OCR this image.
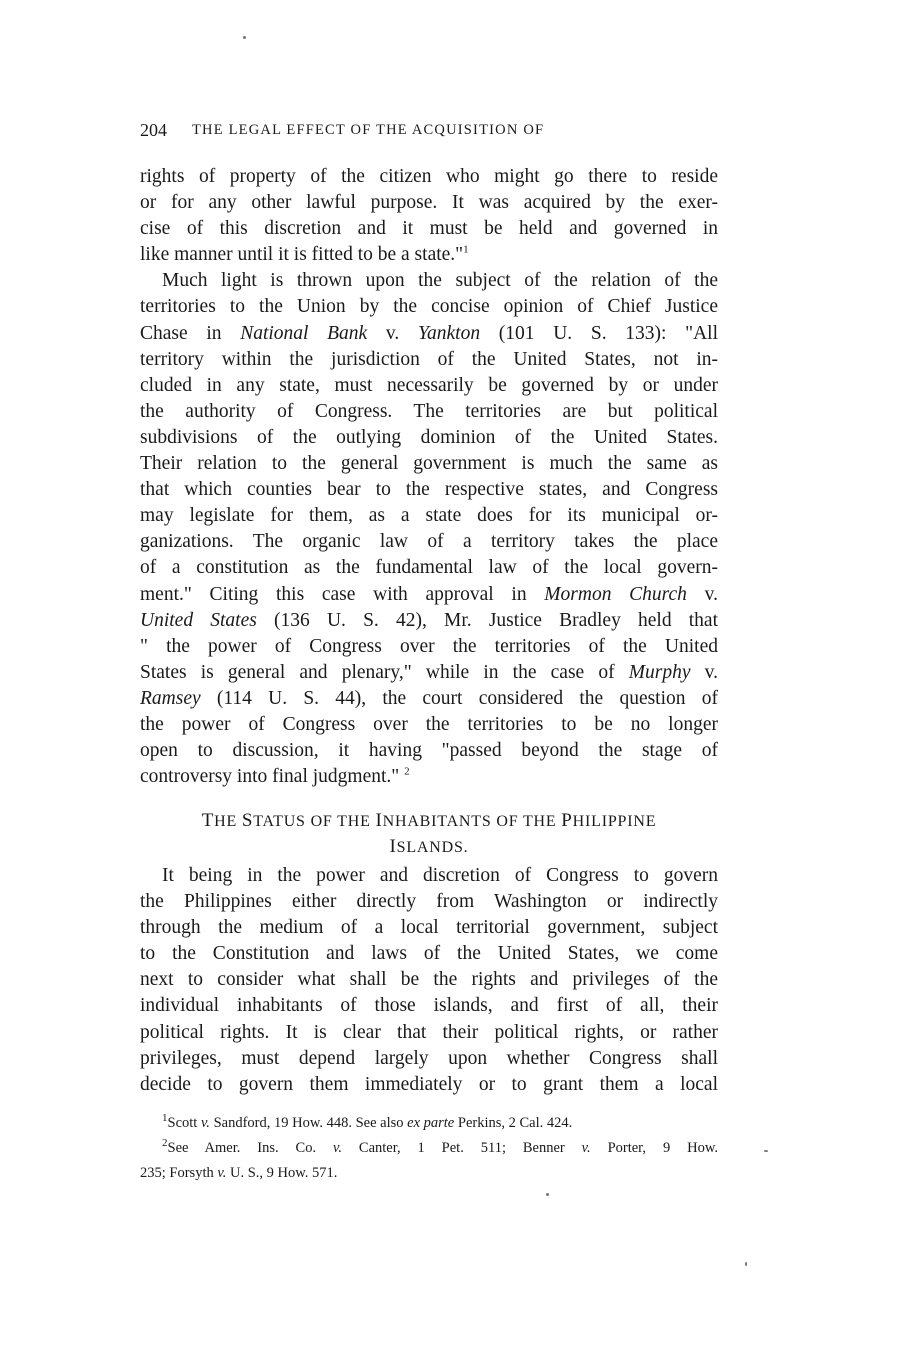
204 THE LEGAL EFFECT OF THE ACQUISITION OF
rights of property of the citizen who might go there to reside
or for any other lawful purpose. It was acquired by the exer-
cise of this discretion and it must be held and governed in
like manner until it is fitted to be a state."$^1$
Much light is thrown upon the subject of the relation of the
territories to the Union by the concise opinion of Chief Justice
Chase in National Bank v. Yankton (101 U. S. 133): "All
territory within the jurisdiction of the United States, not in-
cluded in any state, must necessarily be governed by or under
the authority of Congress. The territories are but political
subdivisions of the outlying dominion of the United States.
Their relation to the general government is much the same as
that which counties bear to the respective states, and Congress
may legislate for them, as a state does for its municipal or-
ganizations. The organic law of a territory takes the place
of a constitution as the fundamental law of the local govern-
ment." Citing this case with approval in Mormon Church v.
United States (136 U. S. 42), Mr. Justice Bradley held that
" the power of Congress over the territories of the United
States is general and plenary," while in the case of Murphy v.
Ramsey (114 U. S. 44), the court considered the question of
the power of Congress over the territories to be no longer
open to discussion, it having "passed beyond the stage of
controversy into final judgment." $^2$
THE STATUS OF THE INHABITANTS OF THE PHILIPPINE
ISLANDS.
It being in the power and discretion of Congress to govern
the Philippines either directly from Washington or indirectly
through the medium of a local territorial government, subject
to the Constitution and laws of the United States, we come
next to consider what shall be the rights and privileges of the
individual inhabitants of those islands, and first of all, their
political rights. It is clear that their political rights, or rather
privileges, must depend largely upon whether Congress shall
decide to govern them immediately or to grant them a local
$^1$Scott v. Sandford, 19 How. 448. See also ex parte Perkins, 2 Cal. 424.
$^2$See Amer. Ins. Co. v. Canter, 1 Pet. 511; Benner v. Porter, 9 How.
235; Forsyth v. U. S., 9 How. 571.
